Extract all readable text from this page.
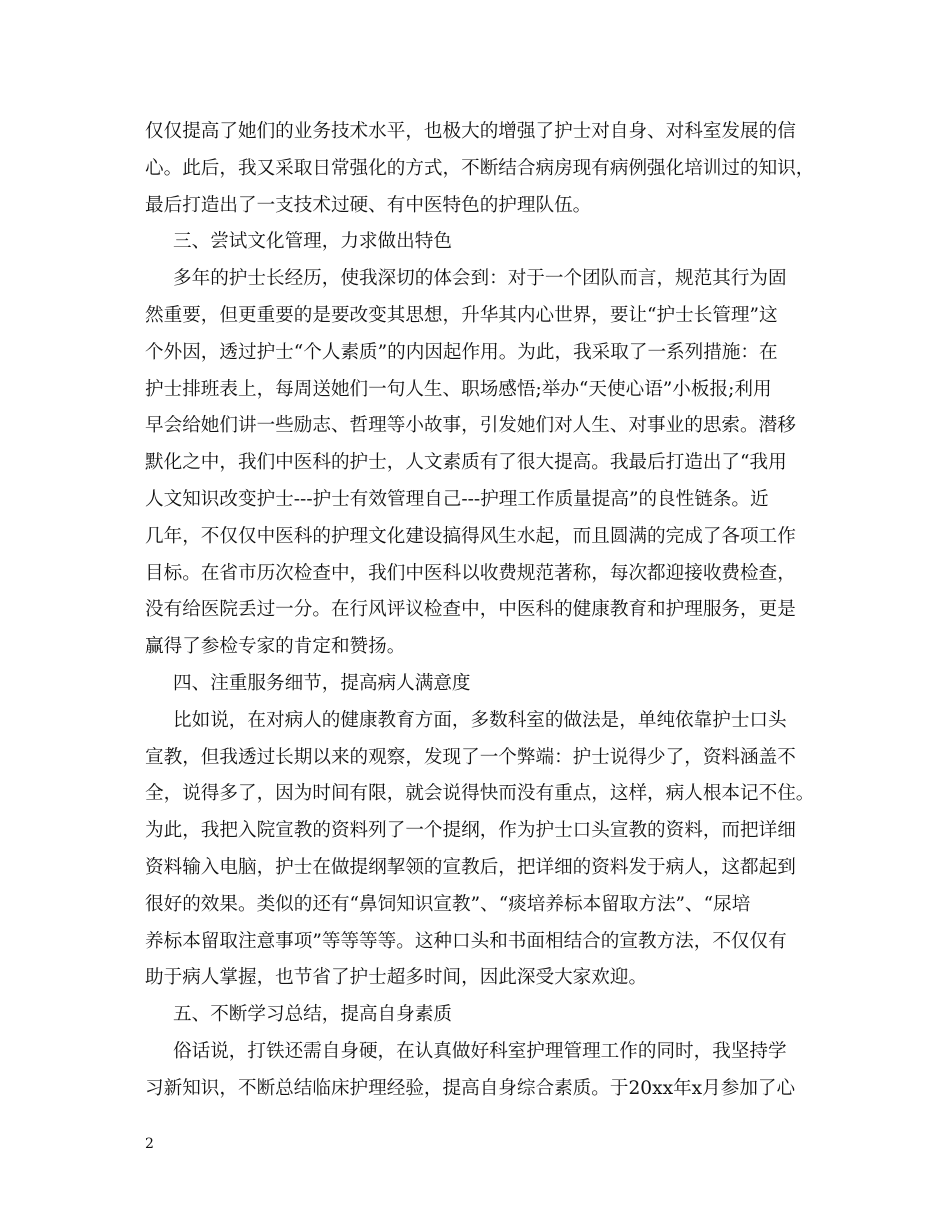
仅仅提高了她们的业务技术水平，也极大的增强了护士对自身、对科室发展的信
心。此后，我又采取日常强化的方式，不断结合病房现有病例强化培训过的知识，
最后打造出了一支技术过硬、有中医特色的护理队伍。
三、尝试文化管理，力求做出特色
多年的护士长经历，使我深切的体会到：对于一个团队而言，规范其行为固
然重要，但更重要的是要改变其思想，升华其内心世界，要让“护士长管理”这
个外因，透过护士“个人素质”的内因起作用。为此，我采取了一系列措施：在
护士排班表上，每周送她们一句人生、职场感悟;举办“天使心语”小板报;利用
早会给她们讲一些励志、哲理等小故事，引发她们对人生、对事业的思索。潜移
默化之中，我们中医科的护士，人文素质有了很大提高。我最后打造出了“我用
人文知识改变护士---护士有效管理自己---护理工作质量提高”的良性链条。近
几年，不仅仅中医科的护理文化建设搞得风生水起，而且圆满的完成了各项工作
目标。在省市历次检查中，我们中医科以收费规范著称，每次都迎接收费检查，
没有给医院丢过一分。在行风评议检查中，中医科的健康教育和护理服务，更是
赢得了参检专家的肯定和赞扬。
四、注重服务细节，提高病人满意度
比如说，在对病人的健康教育方面，多数科室的做法是，单纯依靠护士口头
宣教，但我透过长期以来的观察，发现了一个弊端：护士说得少了，资料涵盖不
全，说得多了，因为时间有限，就会说得快而没有重点，这样，病人根本记不住。
为此，我把入院宣教的资料列了一个提纲，作为护士口头宣教的资料，而把详细
资料输入电脑，护士在做提纲挈领的宣教后，把详细的资料发于病人，这都起到
很好的效果。类似的还有“鼻饲知识宣教”、“痰培养标本留取方法”、“尿培
养标本留取注意事项”等等等等。这种口头和书面相结合的宣教方法，不仅仅有
助于病人掌握，也节省了护士超多时间，因此深受大家欢迎。
五、不断学习总结，提高自身素质
俗话说，打铁还需自身硬，在认真做好科室护理管理工作的同时，我坚持学
习新知识，不断总结临床护理经验，提高自身综合素质。于20xx年x月参加了心
2
